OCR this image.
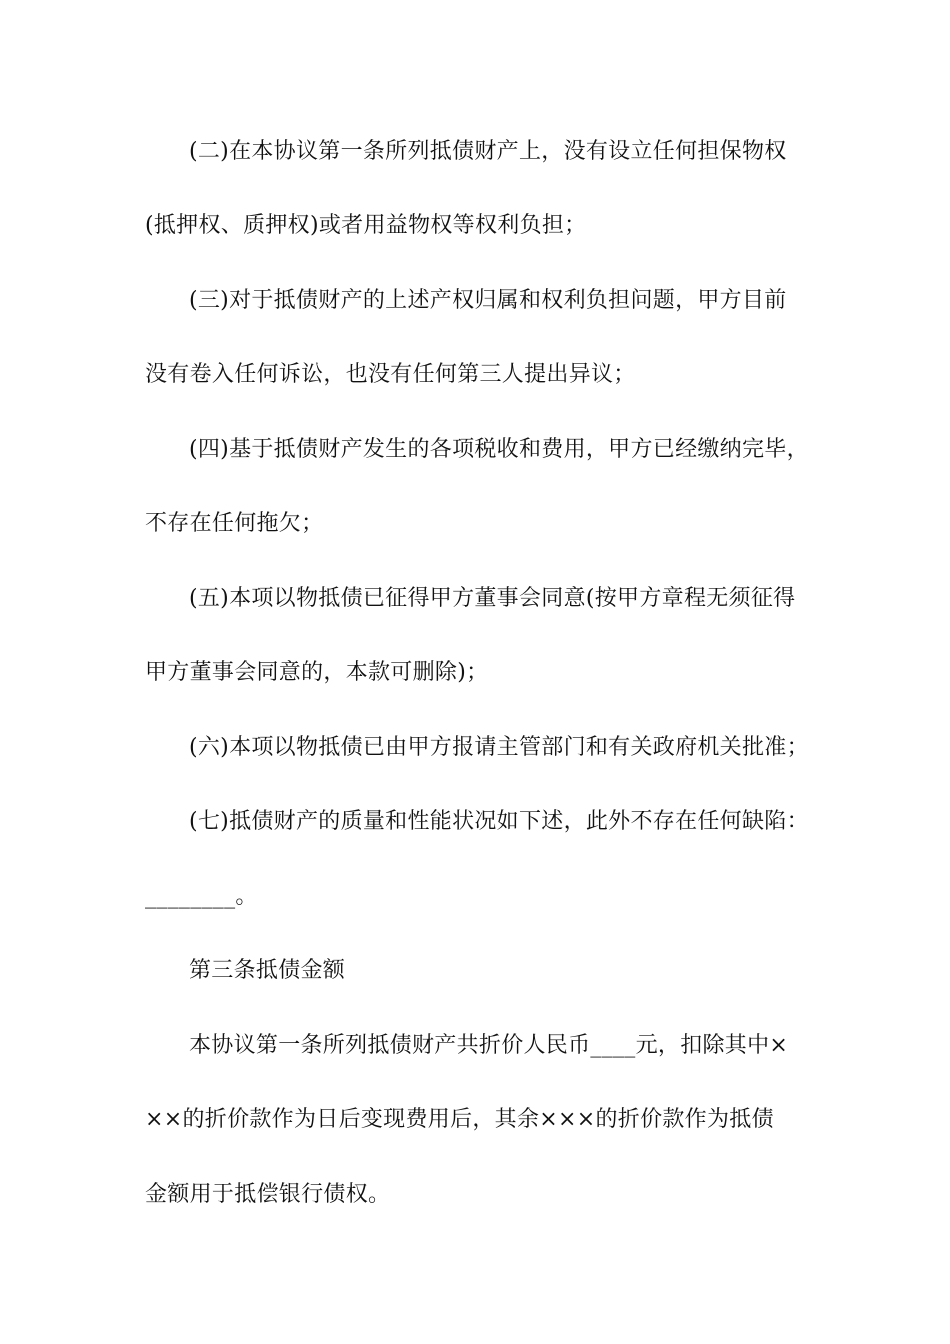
(二)在本协议第一条所列抵债财产上，没有设立任何担保物权
(抵押权、质押权)或者用益物权等权利负担；
(三)对于抵债财产的上述产权归属和权利负担问题，甲方目前
没有卷入任何诉讼，也没有任何第三人提出异议；
(四)基于抵债财产发生的各项税收和费用，甲方已经缴纳完毕，
不存在任何拖欠；
(五)本项以物抵债已征得甲方董事会同意(按甲方章程无须征得
甲方董事会同意的，本款可删除)；
(六)本项以物抵债已由甲方报请主管部门和有关政府机关批准；
(七)抵债财产的质量和性能状况如下述，此外不存在任何缺陷：
________。
第三条抵债金额
本协议第一条所列抵债财产共折价人民币____元，扣除其中×
××的折价款作为日后变现费用后，其余×××的折价款作为抵债
金额用于抵偿银行债权。
